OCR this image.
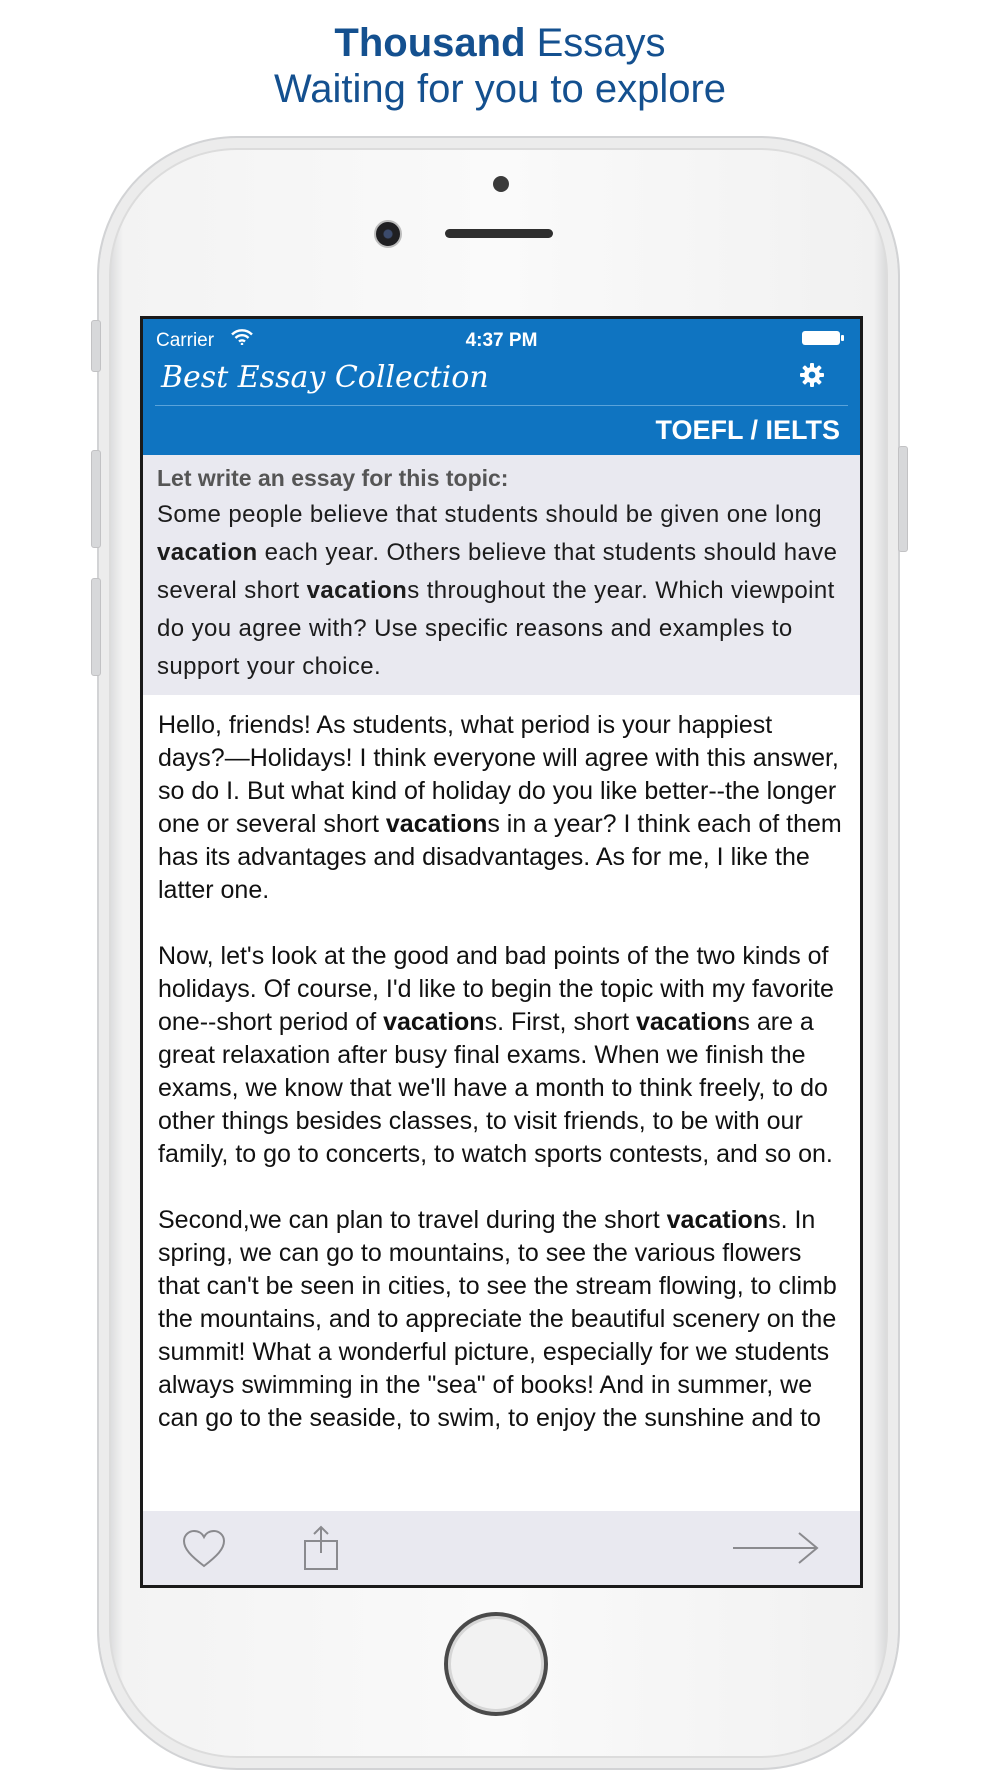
Thousand Essays
Waiting for you to explore
Carrier	4:37 PM
Best Essay Collection
TOEFL / IELTS
Let write an essay for this topic:
Some people believe that students should be given one long vacation each year. Others believe that students should have several short vacations throughout the year. Which viewpoint do you agree with? Use specific reasons and examples to support your choice.

Hello, friends! As students, what period is your happiest days?—Holidays! I think everyone will agree with this answer, so do I. But what kind of holiday do you like better--the longer one or several short vacations in a year? I think each of them has its advantages and disadvantages. As for me, I like the latter one.

Now, let's look at the good and bad points of the two kinds of holidays. Of course, I'd like to begin the topic with my favorite one--short period of vacations. First, short vacations are a great relaxation after busy final exams. When we finish the exams, we know that we'll have a month to think freely, to do other things besides classes, to visit friends, to be with our family, to go to concerts, to watch sports contests, and so on.

Second,we can plan to travel during the short vacations. In spring, we can go to mountains, to see the various flowers that can't be seen in cities, to see the stream flowing, to climb the mountains, and to appreciate the beautiful scenery on the summit! What a wonderful picture, especially for we students always swimming in the "sea" of books! And in summer, we can go to the seaside, to swim, to enjoy the sunshine and to
